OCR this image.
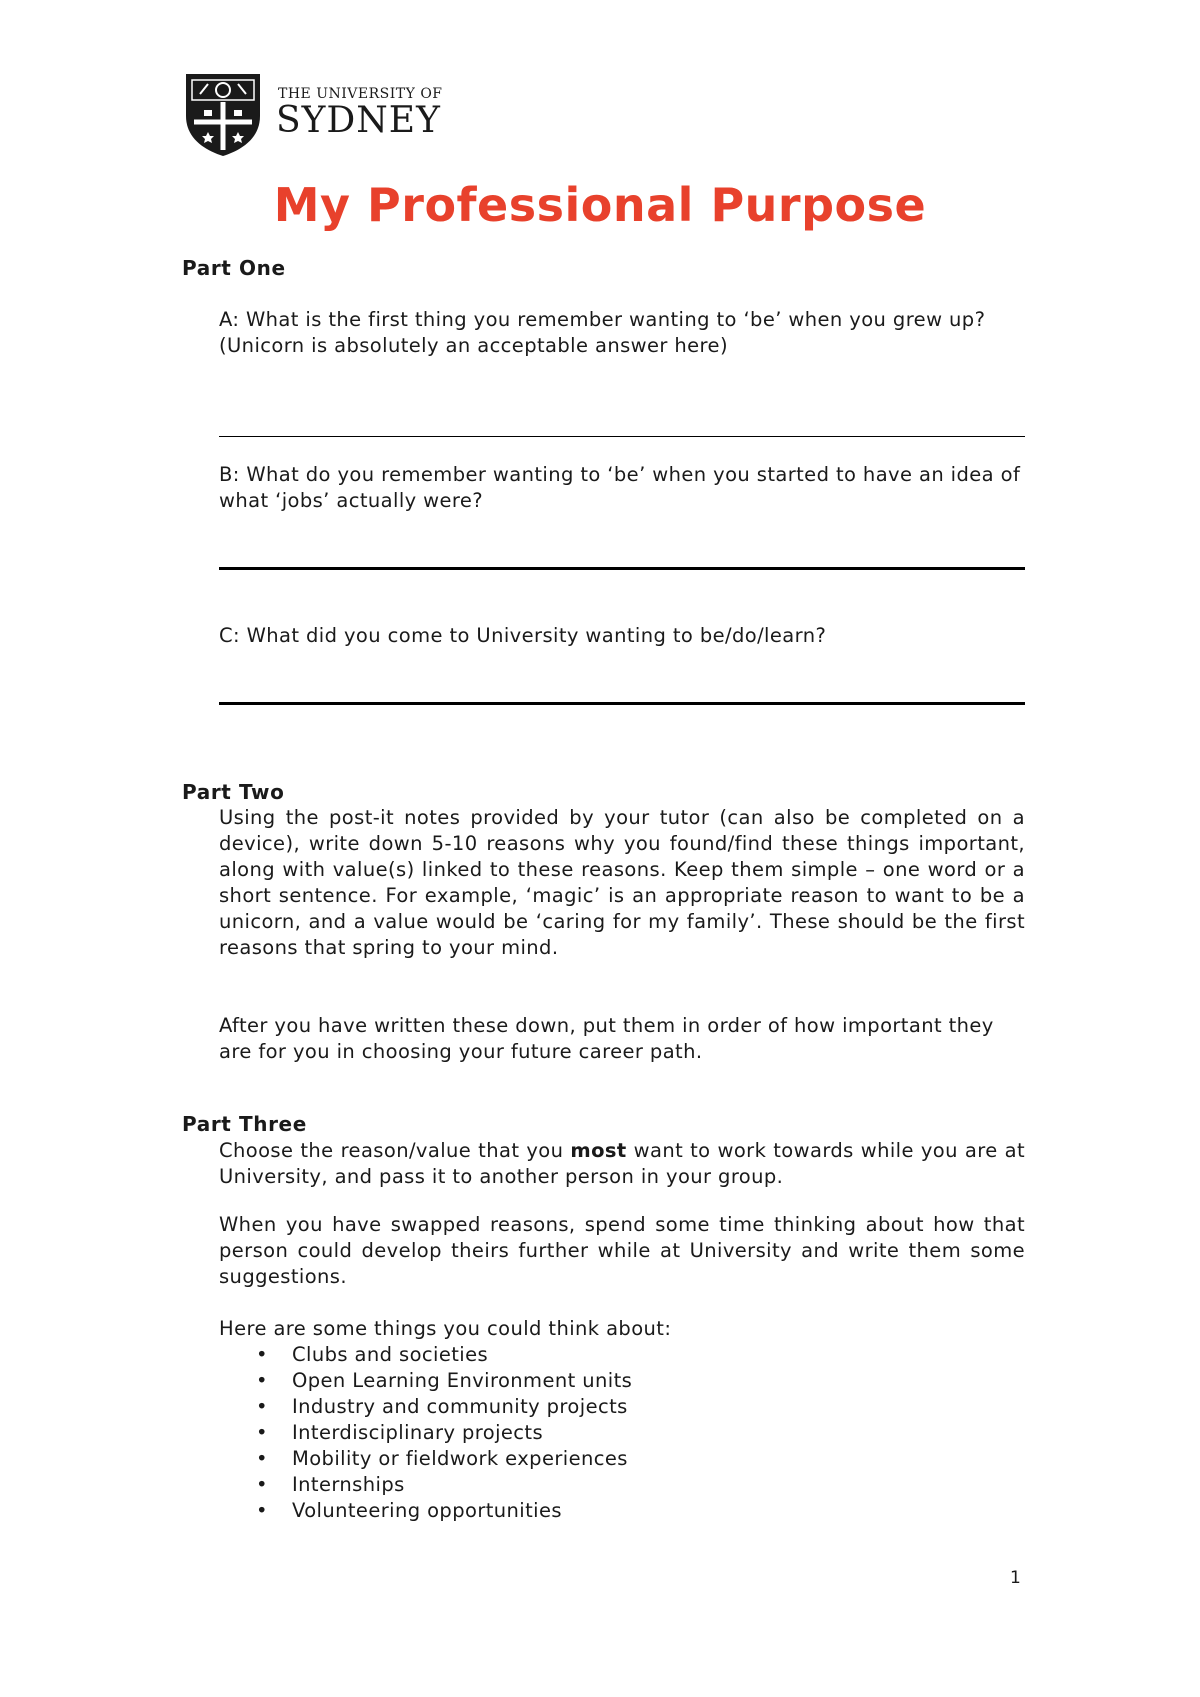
THE UNIVERSITY OF
SYDNEY
My Professional Purpose
Part One
A: What is the first thing you remember wanting to ‘be’ when you grew up?
(Unicorn is absolutely an acceptable answer here)
B: What do you remember wanting to ‘be’ when you started to have an idea of what ‘jobs’ actually were?
C: What did you come to University wanting to be/do/learn?
Part Two
Using the post-it notes provided by your tutor (can also be completed on a device), write down 5-10 reasons why you found/find these things important, along with value(s) linked to these reasons. Keep them simple – one word or a short sentence. For example, ‘magic’ is an appropriate reason to want to be a unicorn, and a value would be ‘caring for my family’. These should be the first reasons that spring to your mind.
After you have written these down, put them in order of how important they are for you in choosing your future career path.
Part Three
Choose the reason/value that you most want to work towards while you are at University, and pass it to another person in your group.
When you have swapped reasons, spend some time thinking about how that person could develop theirs further while at University and write them some suggestions.
Here are some things you could think about:
• Clubs and societies
• Open Learning Environment units
• Industry and community projects
• Interdisciplinary projects
• Mobility or fieldwork experiences
• Internships
• Volunteering opportunities
1
